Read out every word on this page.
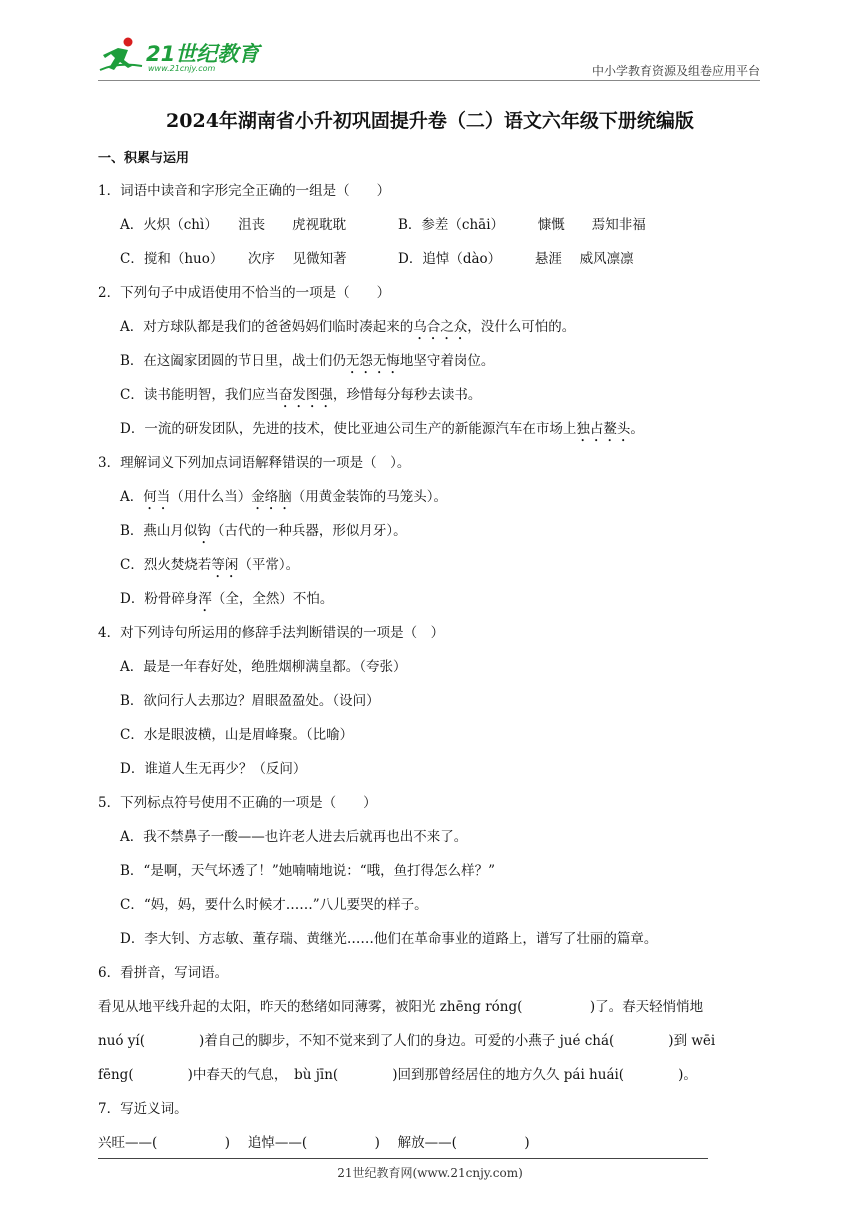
21世纪教育
www.21cnjy.com	中小学教育资源及组卷应用平台
2024年湖南省小升初巩固提升卷（二）语文六年级下册统编版
一、积累与运用
1．词语中读音和字形完全正确的一组是（　　）
A．火炽（chì）　　沮丧　　虎视耽耽	B．参差（chāi）　　　慷慨　　焉知非福
C．搅和（huo）　　 次序　 见微知著	D．追悼（dào）　　　悬涯　 威风凛凛
2．下列句子中成语使用不恰当的一项是（　　）
A．对方球队都是我们的爸爸妈妈们临时凑起来的乌合之众，没什么可怕的。
B．在这阖家团圆的节日里，战士们仍无怨无悔地坚守着岗位。
C．读书能明智，我们应当奋发图强，珍惜每分每秒去读书。
D．一流的研发团队，先进的技术，使比亚迪公司生产的新能源汽车在市场上独占鳌头。
3．理解词义下列加点词语解释错误的一项是（　）。
A．何当（用什么当）金络脑（用黄金装饰的马笼头）。
B．燕山月似钩（古代的一种兵器，形似月牙）。
C．烈火焚烧若等闲（平常）。
D．粉骨碎身浑（全，全然）不怕。
4．对下列诗句所运用的修辞手法判断错误的一项是（　）
A．最是一年春好处，绝胜烟柳满皇都。（夸张）
B．欲问行人去那边？眉眼盈盈处。（设问）
C．水是眼波横，山是眉峰聚。（比喻）
D．谁道人生无再少？（反问）
5．下列标点符号使用不正确的一项是（　　）
A．我不禁鼻子一酸——也许老人进去后就再也出不来了。
B．“是啊，天气坏透了！”她喃喃地说：“哦，鱼打得怎么样？”
C．“妈，妈，要什么时候才……”八儿要哭的样子。
D．李大钊、方志敏、董存瑞、黄继光……他们在革命事业的道路上，谱写了壮丽的篇章。
6．看拼音，写词语。
看见从地平线升起的太阳，昨天的愁绪如同薄雾，被阳光 zhēng róng(　　　　　)了。春天轻悄悄地
nuó yí(　　　　)着自己的脚步，不知不觉来到了人们的身边。可爱的小燕子 jué chá(　　　　)到 wēi
fēng(　　　　)中春天的气息，　bù jīn(　　　　)回到那曾经居住的地方久久 pái huái(　　　　)。
7．写近义词。
兴旺——(　　　　　)　 追悼——(　　　　　)　 解放——(　　　　　)
21世纪教育网(www.21cnjy.com)
